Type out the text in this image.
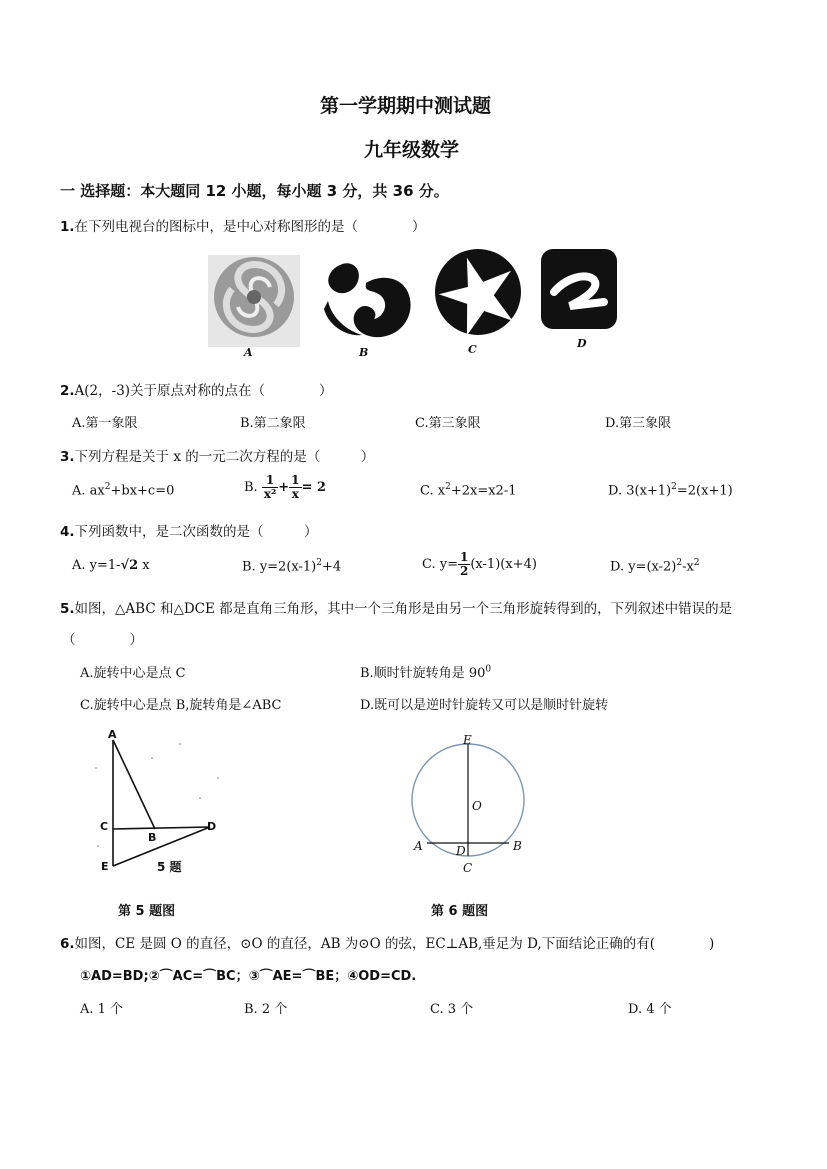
第一学期期中测试题
九年级数学
一 选择题：本大题同 12 小题，每小题 3 分，共 36 分。
1.在下列电视台的图标中，是中心对称图形的是（　　　　）
A	B	C	D
2.A(2，-3)关于原点对称的点在（　　　　）
A.第一象限	B.第二象限	C.第三象限	D.第三象限
3.下列方程是关于 x 的一元二次方程的是（　　　）
A. $ax^2+bx+c=0$	B. $\frac{1}{\text{x²}} + \frac{1}{x} = 2$	C. $x^2+2x=x2-1$	D. $3(x+1)^2=2(x+1)$
4.下列函数中，是二次函数的是（　　　）
A. y=1-√2 x	B. $y=2(x-1)^2+4$	C. $y= \frac{1}{2} (x-1)(x+4)$	D. $y=(x-2)^2-x^2$
5.如图，△ABC 和△DCE 都是直角三角形，其中一个三角形是由另一个三角形旋转得到的，下列叙述中错误的是
（　　　　）
A.旋转中心是点 C	B.顺时针旋转角是 $90^0$
C.旋转中心是点 B,旋转角是∠ABC	D.既可以是逆时针旋转又可以是顺时针旋转
A
C
B
D
E	5 题
第 5 题图
E
O
A	D	B
C
第 6 题图
6.如图，CE 是圆 O 的直径，⊙O 的直径，AB 为⊙O 的弦，EC⊥AB,垂足为 D,下面结论正确的有(　　　　)
①AD=BD;②⌒AC=⌒BC；③⌒AE=⌒BE；④OD=CD.
A. 1 个	B. 2 个	C. 3 个	D. 4 个
